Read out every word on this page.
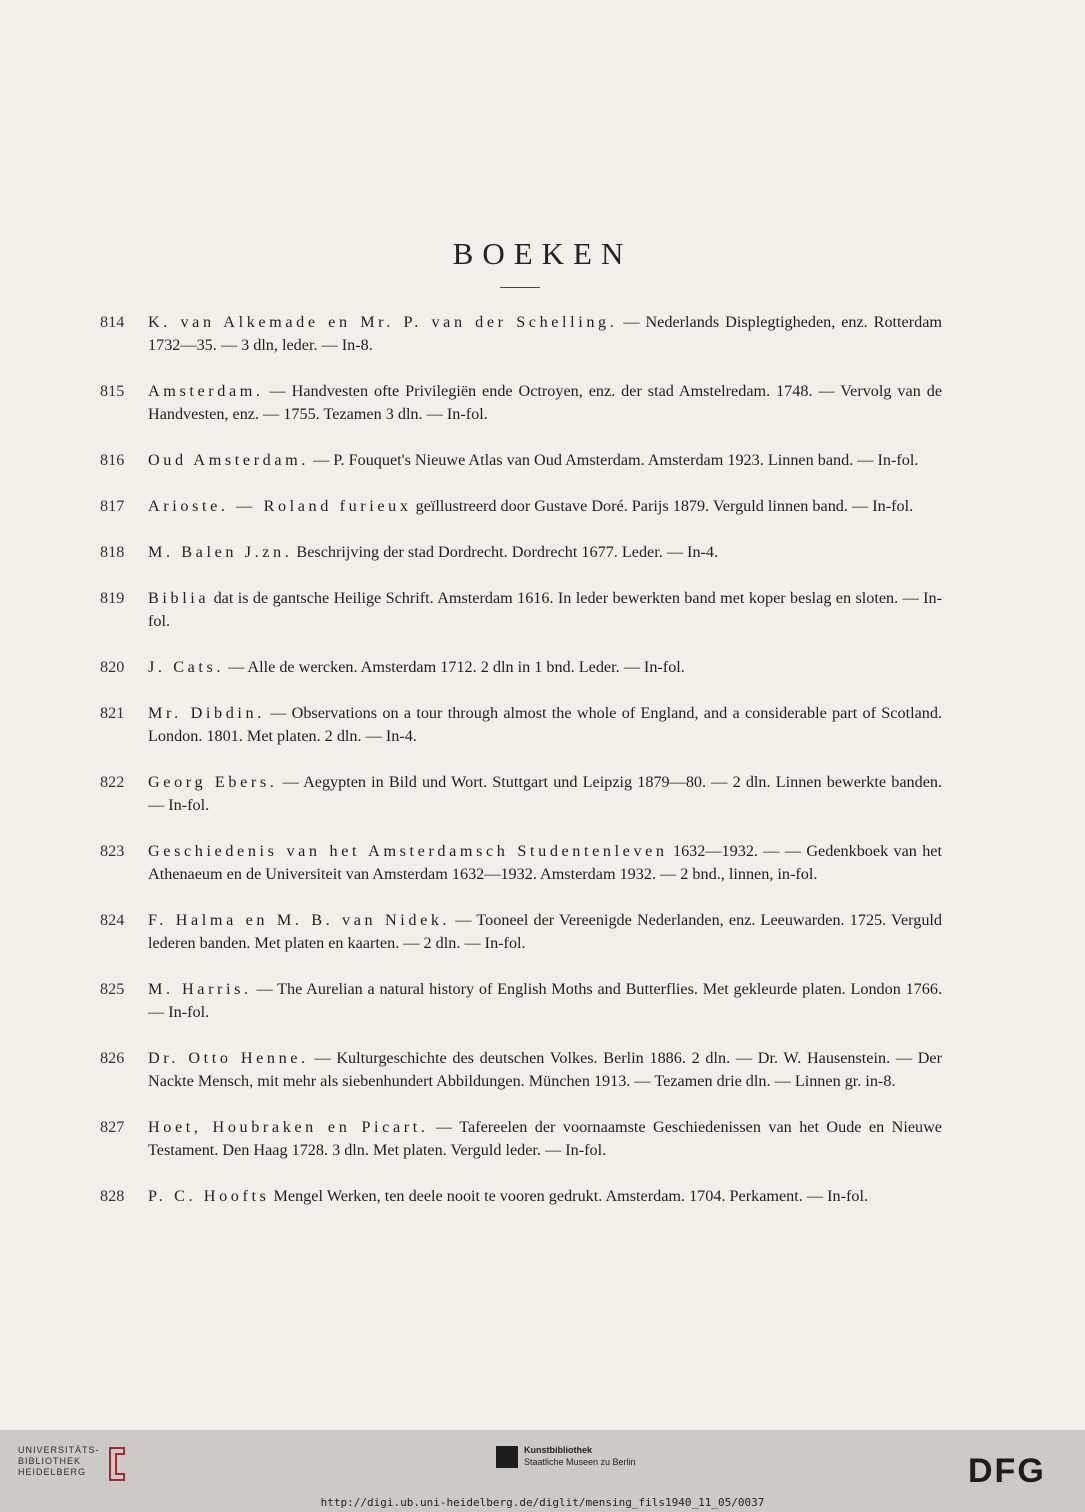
BOEKEN
814	K. van Alkemade en Mr. P. van der Schelling. — Nederlands Displegtigheden, enz. Rotterdam 1732—35. — 3 dln, leder. — In-8.
815	Amsterdam. — Handvesten ofte Privilegiën ende Octroyen, enz. der stad Amstelredam. 1748. — Vervolg van de Handvesten, enz. — 1755. Tezamen 3 dln. — In-fol.
816	Oud Amsterdam. — P. Fouquet's Nieuwe Atlas van Oud Amsterdam. Amsterdam 1923. Linnen band. — In-fol.
817	Arioste. — Roland furieux geïllustreerd door Gustave Doré. Parijs 1879. Verguld linnen band. — In-fol.
818	M. Balen J.zn. Beschrijving der stad Dordrecht. Dordrecht 1677. Leder. — In-4.
819	Biblia dat is de gantsche Heilige Schrift. Amsterdam 1616. In leder bewerkten band met koper beslag en sloten. — In-fol.
820	J. Cats. — Alle de wercken. Amsterdam 1712. 2 dln in 1 bnd. Leder. — In-fol.
821	Mr. Dibdin. — Observations on a tour through almost the whole of England, and a considerable part of Scotland. London. 1801. Met platen. 2 dln. — In-4.
822	Georg Ebers. — Aegypten in Bild und Wort. Stuttgart und Leipzig 1879—80. — 2 dln. Linnen bewerkte banden. — In-fol.
823	Geschiedenis van het Amsterdamsch Studentenleven 1632—1932. — — Gedenkboek van het Athenaeum en de Universiteit van Amsterdam 1632—1932. Amsterdam 1932. — 2 bnd., linnen, in-fol.
824	F. Halma en M. B. van Nidek. — Tooneel der Vereenigde Nederlanden, enz. Leeuwarden. 1725. Verguld lederen banden. Met platen en kaarten. — 2 dln. — In-fol.
825	M. Harris. — The Aurelian a natural history of English Moths and Butterflies. Met gekleurde platen. London 1766. — In-fol.
826	Dr. Otto Henne. — Kulturgeschichte des deutschen Volkes. Berlin 1886. 2 dln. — Dr. W. Hausenstein. — Der Nackte Mensch, mit mehr als siebenhundert Abbildungen. München 1913. — Tezamen drie dln. — Linnen gr. in-8.
827	Hoet, Houbraken en Picart. — Tafereelen der voornaamste Geschiedenissen van het Oude en Nieuwe Testament. Den Haag 1728. 3 dln. Met platen. Verguld leder. — In-fol.
828	P. C. Hoofts Mengel Werken, ten deele nooit te vooren gedrukt. Amsterdam. 1704. Perkament. — In-fol.
UNIVERSITÄTS-
BIBLIOTHEK
HEIDELBERG
Kunstbibliothek
Staatliche Museen zu Berlin	DFG
http://digi.ub.uni-heidelberg.de/diglit/mensing_fils1940_11_05/0037
